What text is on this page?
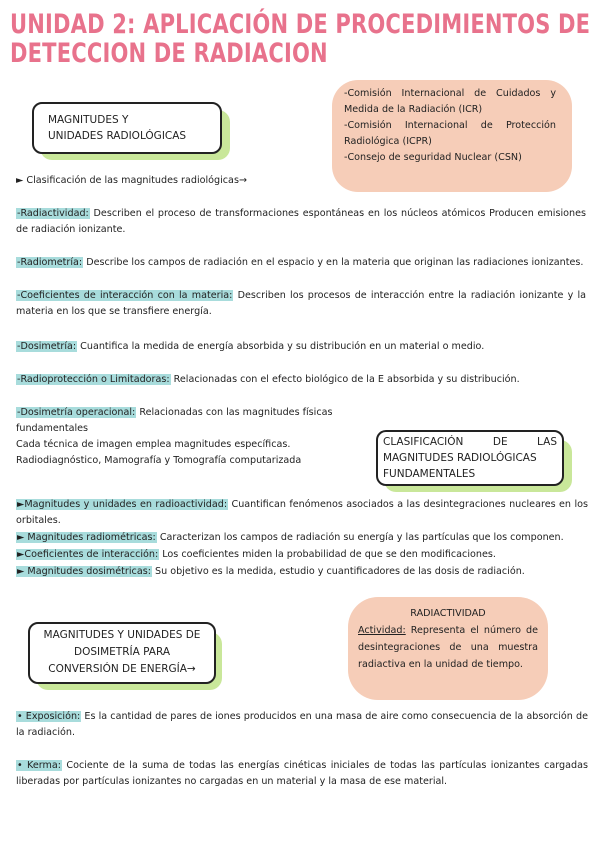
UNIDAD 2: APLICACIÓN DE PROCEDIMIENTOS DE
DETECCION DE RADIACION
MAGNITUDES Y
UNIDADES RADIOLÓGICAS
-Comisión Internacional de Cuidados y Medida de la Radiación (ICR)
-Comisión Internacional de Protección Radiológica (ICPR)
-Consejo de seguridad Nuclear (CSN)
► Clasificación de las magnitudes radiológicas→
-Radiactividad: Describen el proceso de transformaciones espontáneas en los núcleos atómicos Producen emisiones de radiación ionizante.
-Radiometría: Describe los campos de radiación en el espacio y en la materia que originan las radiaciones ionizantes.
-Coeficientes de interacción con la materia: Describen los procesos de interacción entre la radiación ionizante y la materia en los que se transfiere energía.
-Dosimetría: Cuantifica la medida de energía absorbida y su distribución en un material o medio.
-Radioprotección o Limitadoras: Relacionadas con el efecto biológico de la E absorbida y su distribución.
-Dosimetría operacional: Relacionadas con las magnitudes físicas fundamentales
Cada técnica de imagen emplea magnitudes específicas.
Radiodiagnóstico, Mamografía y Tomografía computarizada
CLASIFICACIÓN DE LAS
MAGNITUDES RADIOLÓGICAS
FUNDAMENTALES
►Magnitudes y unidades en radioactividad: Cuantifican fenómenos asociados a las desintegraciones nucleares en los orbitales.
► Magnitudes radiométricas: Caracterizan los campos de radiación su energía y las partículas que los componen.
►Coeficientes de interacción: Los coeficientes miden la probabilidad de que se den modificaciones.
► Magnitudes dosimétricas: Su objetivo es la medida, estudio y cuantificadores de las dosis de radiación.
MAGNITUDES Y UNIDADES DE
DOSIMETRÍA PARA
CONVERSIÓN DE ENERGÍA→
RADIACTIVIDAD
Actividad: Representa el número de desintegraciones de una muestra radiactiva en la unidad de tiempo.
• Exposición: Es la cantidad de pares de iones producidos en una masa de aire como consecuencia de la absorción de la radiación.
• Kerma: Cociente de la suma de todas las energías cinéticas iniciales de todas las partículas ionizantes cargadas liberadas por partículas ionizantes no cargadas en un material y la masa de ese material.
